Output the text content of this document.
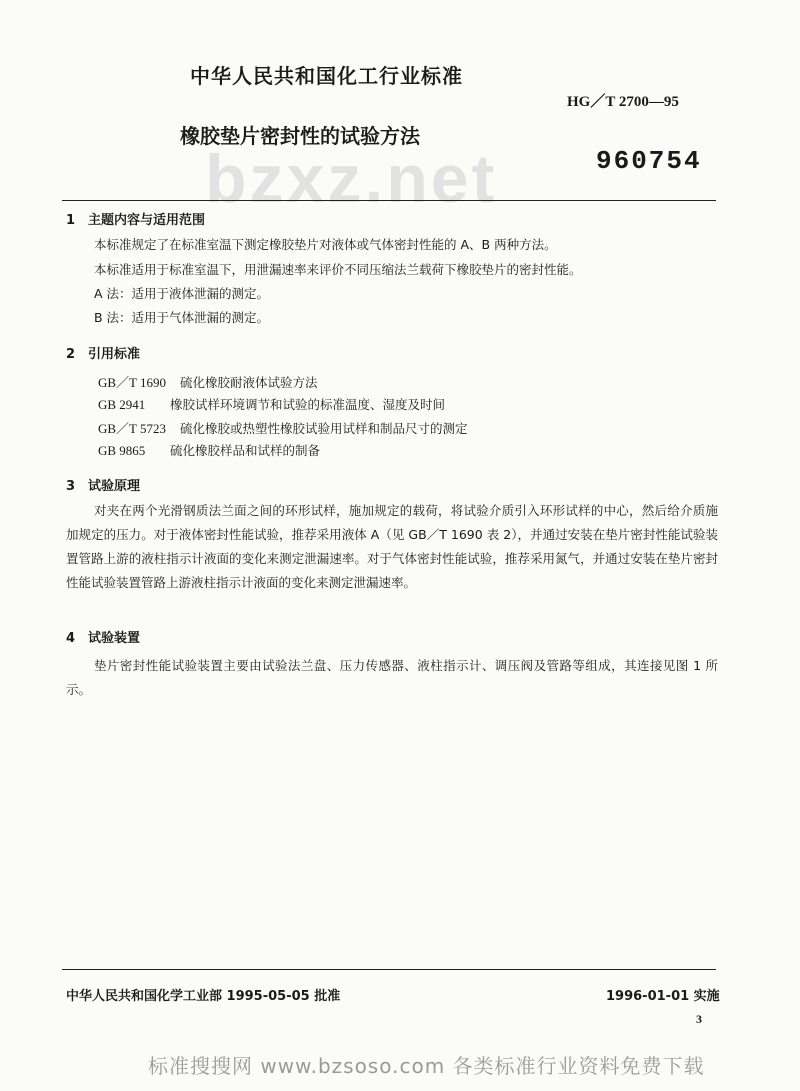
bzxz.net
中华人民共和国化工行业标准
HG／T 2700—95
橡胶垫片密封性的试验方法
960754
1 主题内容与适用范围
本标准规定了在标准室温下测定橡胶垫片对液体或气体密封性能的 A、B 两种方法。
本标准适用于标准室温下，用泄漏速率来评价不同压缩法兰载荷下橡胶垫片的密封性能。
A 法：适用于液体泄漏的测定。
B 法：适用于气体泄漏的测定。
2 引用标准
GB／T 1690 硫化橡胶耐液体试验方法
GB 2941 橡胶试样环境调节和试验的标准温度、湿度及时间
GB／T 5723 硫化橡胶或热塑性橡胶试验用试样和制品尺寸的测定
GB 9865 硫化橡胶样品和试样的制备
3 试验原理

对夹在两个光滑钢质法兰面之间的环形试样，施加规定的载荷，将试验介质引入环形试样的中心，然后给介质施加规定的压力。对于液体密封性能试验，推荐采用液体 A（见 GB／T 1690 表 2），并通过安装在垫片密封性能试验装置管路上游的液柱指示计液面的变化来测定泄漏速率。对于气体密封性能试验，推荐采用氮气，并通过安装在垫片密封性能试验装置管路上游液柱指示计液面的变化来测定泄漏速率。

4 试验装置

垫片密封性能试验装置主要由试验法兰盘、压力传感器、液柱指示计、调压阀及管路等组成，其连接见图 1 所示。

中华人民共和国化学工业部 1995-05-05 批准	1996-01-01 实施
3
标准搜搜网 www.bzsoso.com 各类标准行业资料免费下载
